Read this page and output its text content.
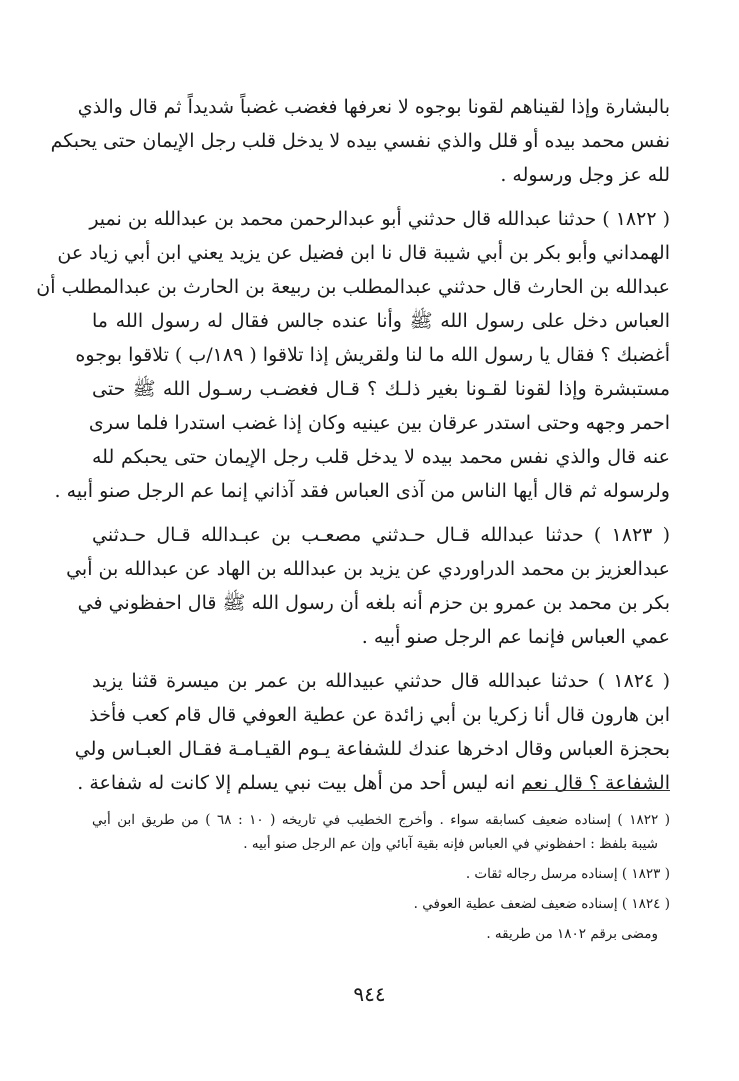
بالبشارة وإذا لقيناهم لقونا بوجوه لا نعرفها فغضب غضباً شديداً ثم قال والذي
نفس محمد بيده أو قلل والذي نفسي بيده لا يدخل قلب رجل الإيمان حتى يحبكم
لله عز وجل ورسوله .
( ١٨٢٢ ) حدثنا عبدالله قال حدثني أبو عبدالرحمن محمد بن عبدالله بن نمير
الهمداني وأبو بكر بن أبي شيبة قال نا ابن فضيل عن يزيد يعني ابن أبي زياد عن
عبدالله بن الحارث قال حدثني عبدالمطلب بن ربيعة بن الحارث بن عبدالمطلب أن
العباس دخل على رسول الله ﷺ وأنا عنده جالس فقال له رسول الله ما
أغضبك ؟ فقال يا رسول الله ما لنا ولقريش إذا تلاقوا ( ١٨٩/ب ) تلاقوا بوجوه
مستبشرة وإذا لقونا لقـونا بغير ذلـك ؟ قـال فغضـب رسـول الله ﷺ حتى
احمر وجهه وحتى استدر عرقان بين عينيه وكان إذا غضب استدرا فلما سرى
عنه قال والذي نفس محمد بيده لا يدخل قلب رجل الإيمان حتى يحبكم لله
ولرسوله ثم قال أيها الناس من آذى العباس فقد آذاني إنما عم الرجل صنو أبيه .
( ١٨٢٣ ) حدثنا عبدالله قـال حـدثني مصعـب بن عبـدالله قـال حـدثني
عبدالعزيز بن محمد الدراوردي عن يزيد بن عبدالله بن الهاد عن عبدالله بن أبي
بكر بن محمد بن عمرو بن حزم أنه بلغه أن رسول الله ﷺ قال احفظوني في
عمي العباس فإنما عم الرجل صنو أبيه .
( ١٨٢٤ ) حدثنا عبدالله قال حدثني عبيدالله بن عمر بن ميسرة قثنا يزيد
ابن هارون قال أنا زكريا بن أبي زائدة عن عطية العوفي قال قام كعب فأخذ
بحجزة العباس وقال ادخرها عندك للشفاعة يـوم القيـامـة فقـال العبـاس ولي
الشفاعة ؟ قال نعم انه ليس أحد من أهل بيت نبي يسلم إلا كانت له شفاعة .
( ١٨٢٢ ) إسناده ضعيف كسابقه سواء . وأخرج الخطيب في تاريخه ( ١٠ : ٦٨ ) من طريق ابن أبي
شيبة بلفظ : احفظوني في العباس فإنه بقية آبائي وإن عم الرجل صنو أبيه .
( ١٨٢٣ ) إسناده مرسل رجاله ثقات .
( ١٨٢٤ ) إسناده ضعيف لضعف عطية العوفي .
ومضى برقم ١٨٠٢ من طريقه .
٩٤٤
